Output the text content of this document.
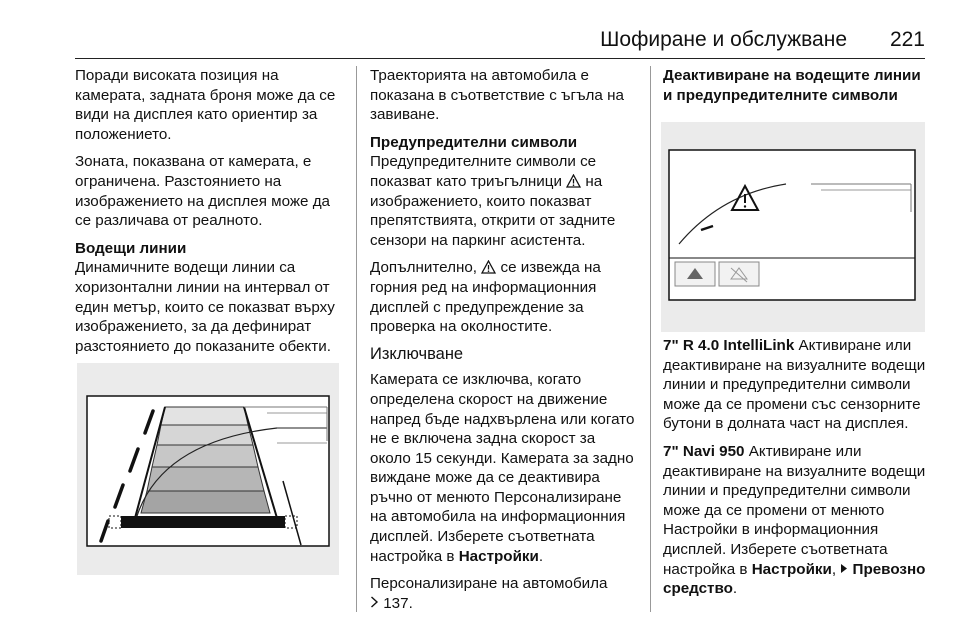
Шофиране и обслужване 221

Поради високата позиция на камерата, задната броня може да се види на дисплея като ориентир за положението.

Зоната, показвана от камерата, е ограничена. Разстоянието на изображението на дисплея може да се различава от реалното.

Водещи линии

Динамичните водещи линии са хоризонтални линии на интервал от един метър, които се показват върху изображението, за да дефинират разстоянието до показаните обекти.

Траекторията на автомобила е показана в съответствие с ъгъла на завиване.

Предупредителни символи

Предупредителните символи се показват като триъгълници на изображението, които показват препятствията, открити от задните сензори на паркинг асистента.

Допълнително, се извежда на горния ред на информационния дисплей с предупреждение за проверка на околностите.

Изключване

Камерата се изключва, когато определена скорост на движение напред бъде надхвърлена или когато не е включена задна скорост за около 15 секунди. Камерата за задно виждане може да се деактивира ръчно от менюто Персонализиране на автомобила на информационния дисплей. Изберете съответната настройка в Настройки.

Персонализиране на автомобила

137.

Деактивиране на водещите линии и предупредителните символи

7" R 4.0 IntelliLink Активиране или деактивиране на визуалните водещи линии и предупредителни символи може да се промени със сензорните бутони в долната част на дисплея.

7" Navi 950 Активиране или деактивиране на визуалните водещи линии и предупредителни символи може да се промени от менюто Настройки в информационния дисплей. Изберете съответната настройка в Настройки,
Превозно средство.
